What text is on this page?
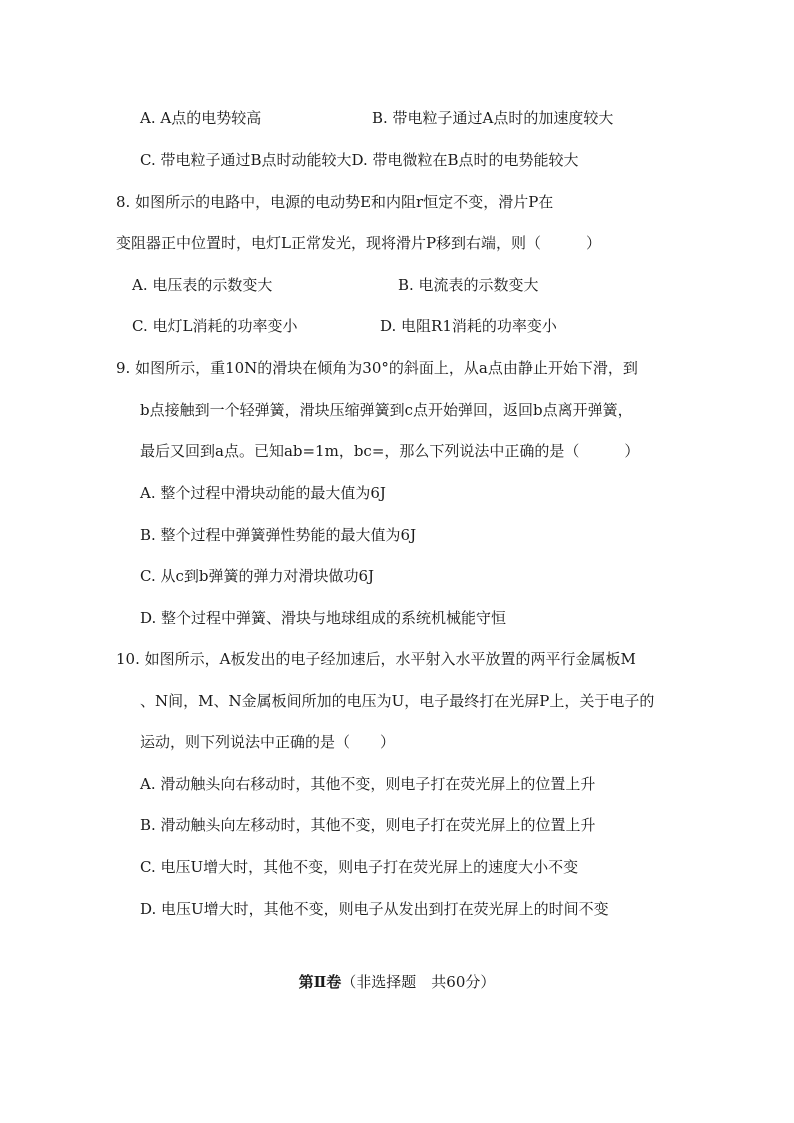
A. A点的电势较高	B. 带电粒子通过A点时的加速度较大
C. 带电粒子通过B点时动能较大D. 带电微粒在B点时的电势能较大
8. 如图所示的电路中，电源的电动势E和内阻r恒定不变，滑片P在
变阻器正中位置时，电灯L正常发光，现将滑片P移到右端，则（　　　）
A. 电压表的示数变大	B. 电流表的示数变大
C. 电灯L消耗的功率变小	D. 电阻R1消耗的功率变小
9. 如图所示，重10N的滑块在倾角为30°的斜面上，从a点由静止开始下滑，到
b点接触到一个轻弹簧，滑块压缩弹簧到c点开始弹回，返回b点离开弹簧，
最后又回到a点。已知ab=1m，bc=，那么下列说法中正确的是（　　　）
A. 整个过程中滑块动能的最大值为6J
B. 整个过程中弹簧弹性势能的最大值为6J
C. 从c到b弹簧的弹力对滑块做功6J
D. 整个过程中弹簧、滑块与地球组成的系统机械能守恒
10. 如图所示，A板发出的电子经加速后，水平射入水平放置的两平行金属板M
、N间，M、N金属板间所加的电压为U，电子最终打在光屏P上，关于电子的
运动，则下列说法中正确的是（　　）
A. 滑动触头向右移动时，其他不变，则电子打在荧光屏上的位置上升
B. 滑动触头向左移动时，其他不变，则电子打在荧光屏上的位置上升
C. 电压U增大时，其他不变，则电子打在荧光屏上的速度大小不变
D. 电压U增大时，其他不变，则电子从发出到打在荧光屏上的时间不变
第Ⅱ卷（非选择题　共60分）
